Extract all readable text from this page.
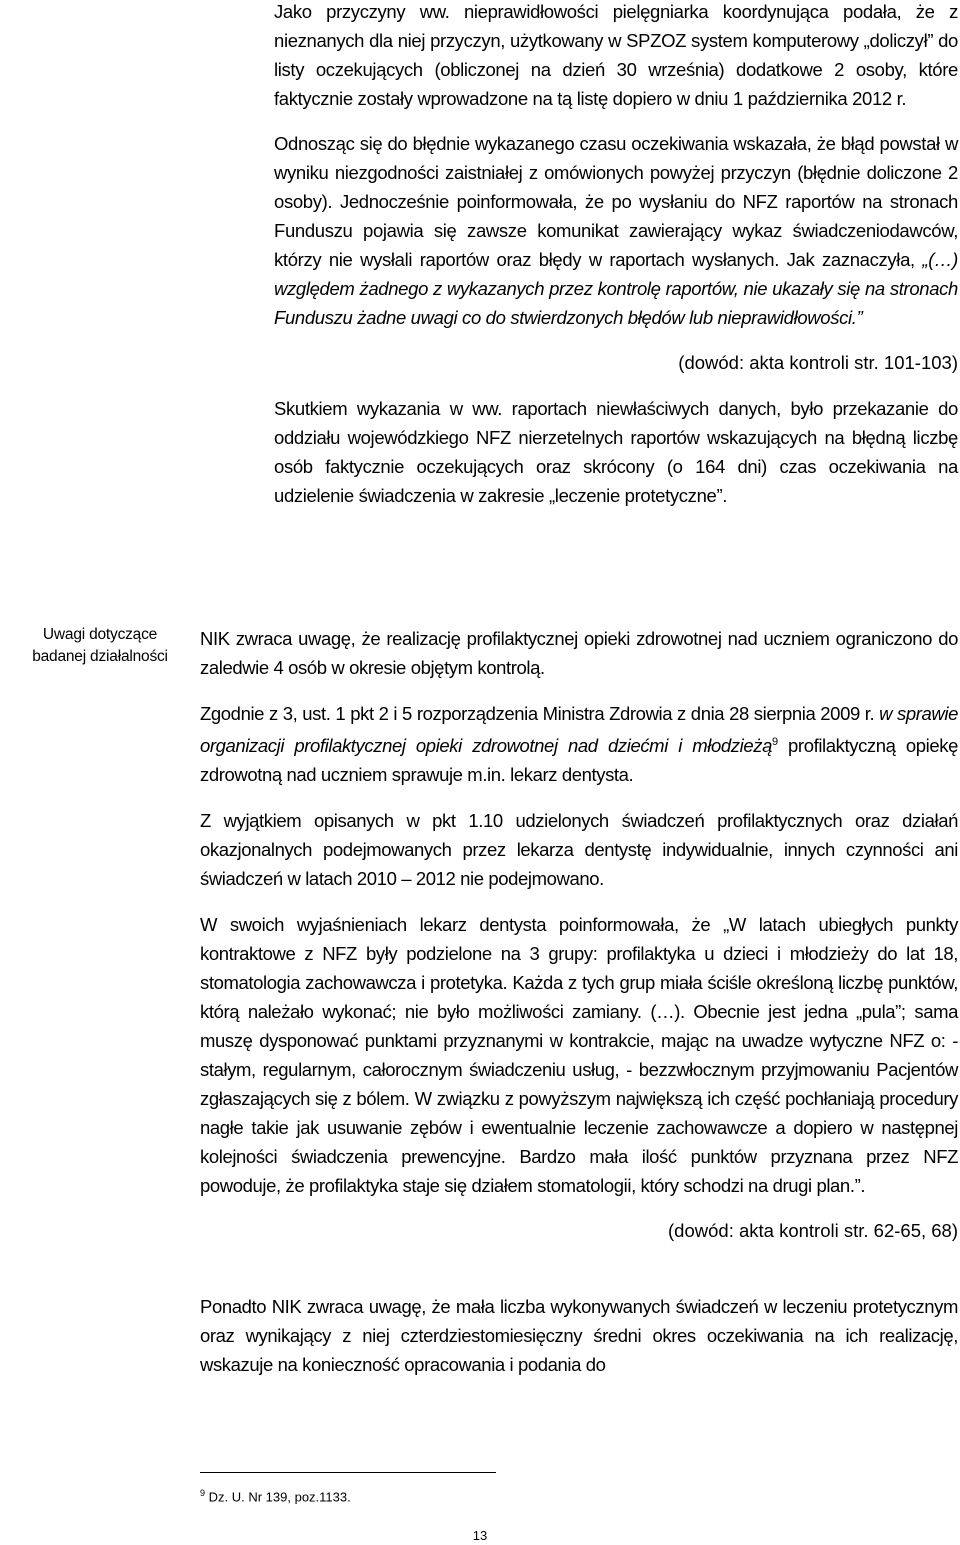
Jako przyczyny ww. nieprawidłowości pielęgniarka koordynująca podała, że z nieznanych dla niej przyczyn, użytkowany w SPZOZ system komputerowy „doliczył” do listy oczekujących (obliczonej na dzień 30 września) dodatkowe 2 osoby, które faktycznie zostały wprowadzone na tą listę dopiero w dniu 1 października 2012 r.

Odnosząc się do błędnie wykazanego czasu oczekiwania wskazała, że błąd powstał w wyniku niezgodności zaistniałej z omówionych powyżej przyczyn (błędnie doliczone 2 osoby). Jednocześnie poinformowała, że po wysłaniu do NFZ raportów na stronach Funduszu pojawia się zawsze komunikat zawierający wykaz świadczeniodawców, którzy nie wysłali raportów oraz błędy w raportach wysłanych. Jak zaznaczyła, „(…) względem żadnego z wykazanych przez kontrolę raportów, nie ukazały się na stronach Funduszu żadne uwagi co do stwierdzonych błędów lub nieprawidłowości.”

(dowód: akta kontroli str. 101-103)

Skutkiem wykazania w ww. raportach niewłaściwych danych, było przekazanie do oddziału wojewódzkiego NFZ nierzetelnych raportów wskazujących na błędną liczbę osób faktycznie oczekujących oraz skrócony (o 164 dni) czas oczekiwania na udzielenie świadczenia w zakresie „leczenie protetyczne”.

Uwagi dotyczące badanej działalności

NIK zwraca uwagę, że realizację profilaktycznej opieki zdrowotnej nad uczniem ograniczono do zaledwie 4 osób w okresie objętym kontrolą.

Zgodnie z 3, ust. 1 pkt 2 i 5 rozporządzenia Ministra Zdrowia z dnia 28 sierpnia 2009 r. w sprawie organizacji profilaktycznej opieki zdrowotnej nad dziećmi i młodzieżą$^9$ profilaktyczną opiekę zdrowotną nad uczniem sprawuje m.in. lekarz dentysta.

Z wyjątkiem opisanych w pkt 1.10 udzielonych świadczeń profilaktycznych oraz działań okazjonalnych podejmowanych przez lekarza dentystę indywidualnie, innych czynności ani świadczeń w latach 2010 – 2012 nie podejmowano.

W swoich wyjaśnieniach lekarz dentysta poinformowała, że „W latach ubiegłych punkty kontraktowe z NFZ były podzielone na 3 grupy: profilaktyka u dzieci i młodzieży do lat 18, stomatologia zachowawcza i protetyka. Każda z tych grup miała ściśle określoną liczbę punktów, którą należało wykonać; nie było możliwości zamiany. (…). Obecnie jest jedna „pula”; sama muszę dysponować punktami przyznanymi w kontrakcie, mając na uwadze wytyczne NFZ o: - stałym, regularnym, całorocznym świadczeniu usług, - bezzwłocznym przyjmowaniu Pacjentów zgłaszających się z bólem. W związku z powyższym największą ich część pochłaniają procedury nagłe takie jak usuwanie zębów i ewentualnie leczenie zachowawcze a dopiero w następnej kolejności świadczenia prewencyjne. Bardzo mała ilość punktów przyznana przez NFZ powoduje, że profilaktyka staje się działem stomatologii, który schodzi na drugi plan.”.

(dowód: akta kontroli str. 62-65, 68)

Ponadto NIK zwraca uwagę, że mała liczba wykonywanych świadczeń w leczeniu protetycznym oraz wynikający z niej czterdziestomiesięczny średni okres oczekiwania na ich realizację, wskazuje na konieczność opracowania i podania do

$^9$ Dz. U. Nr 139, poz.1133.
13
